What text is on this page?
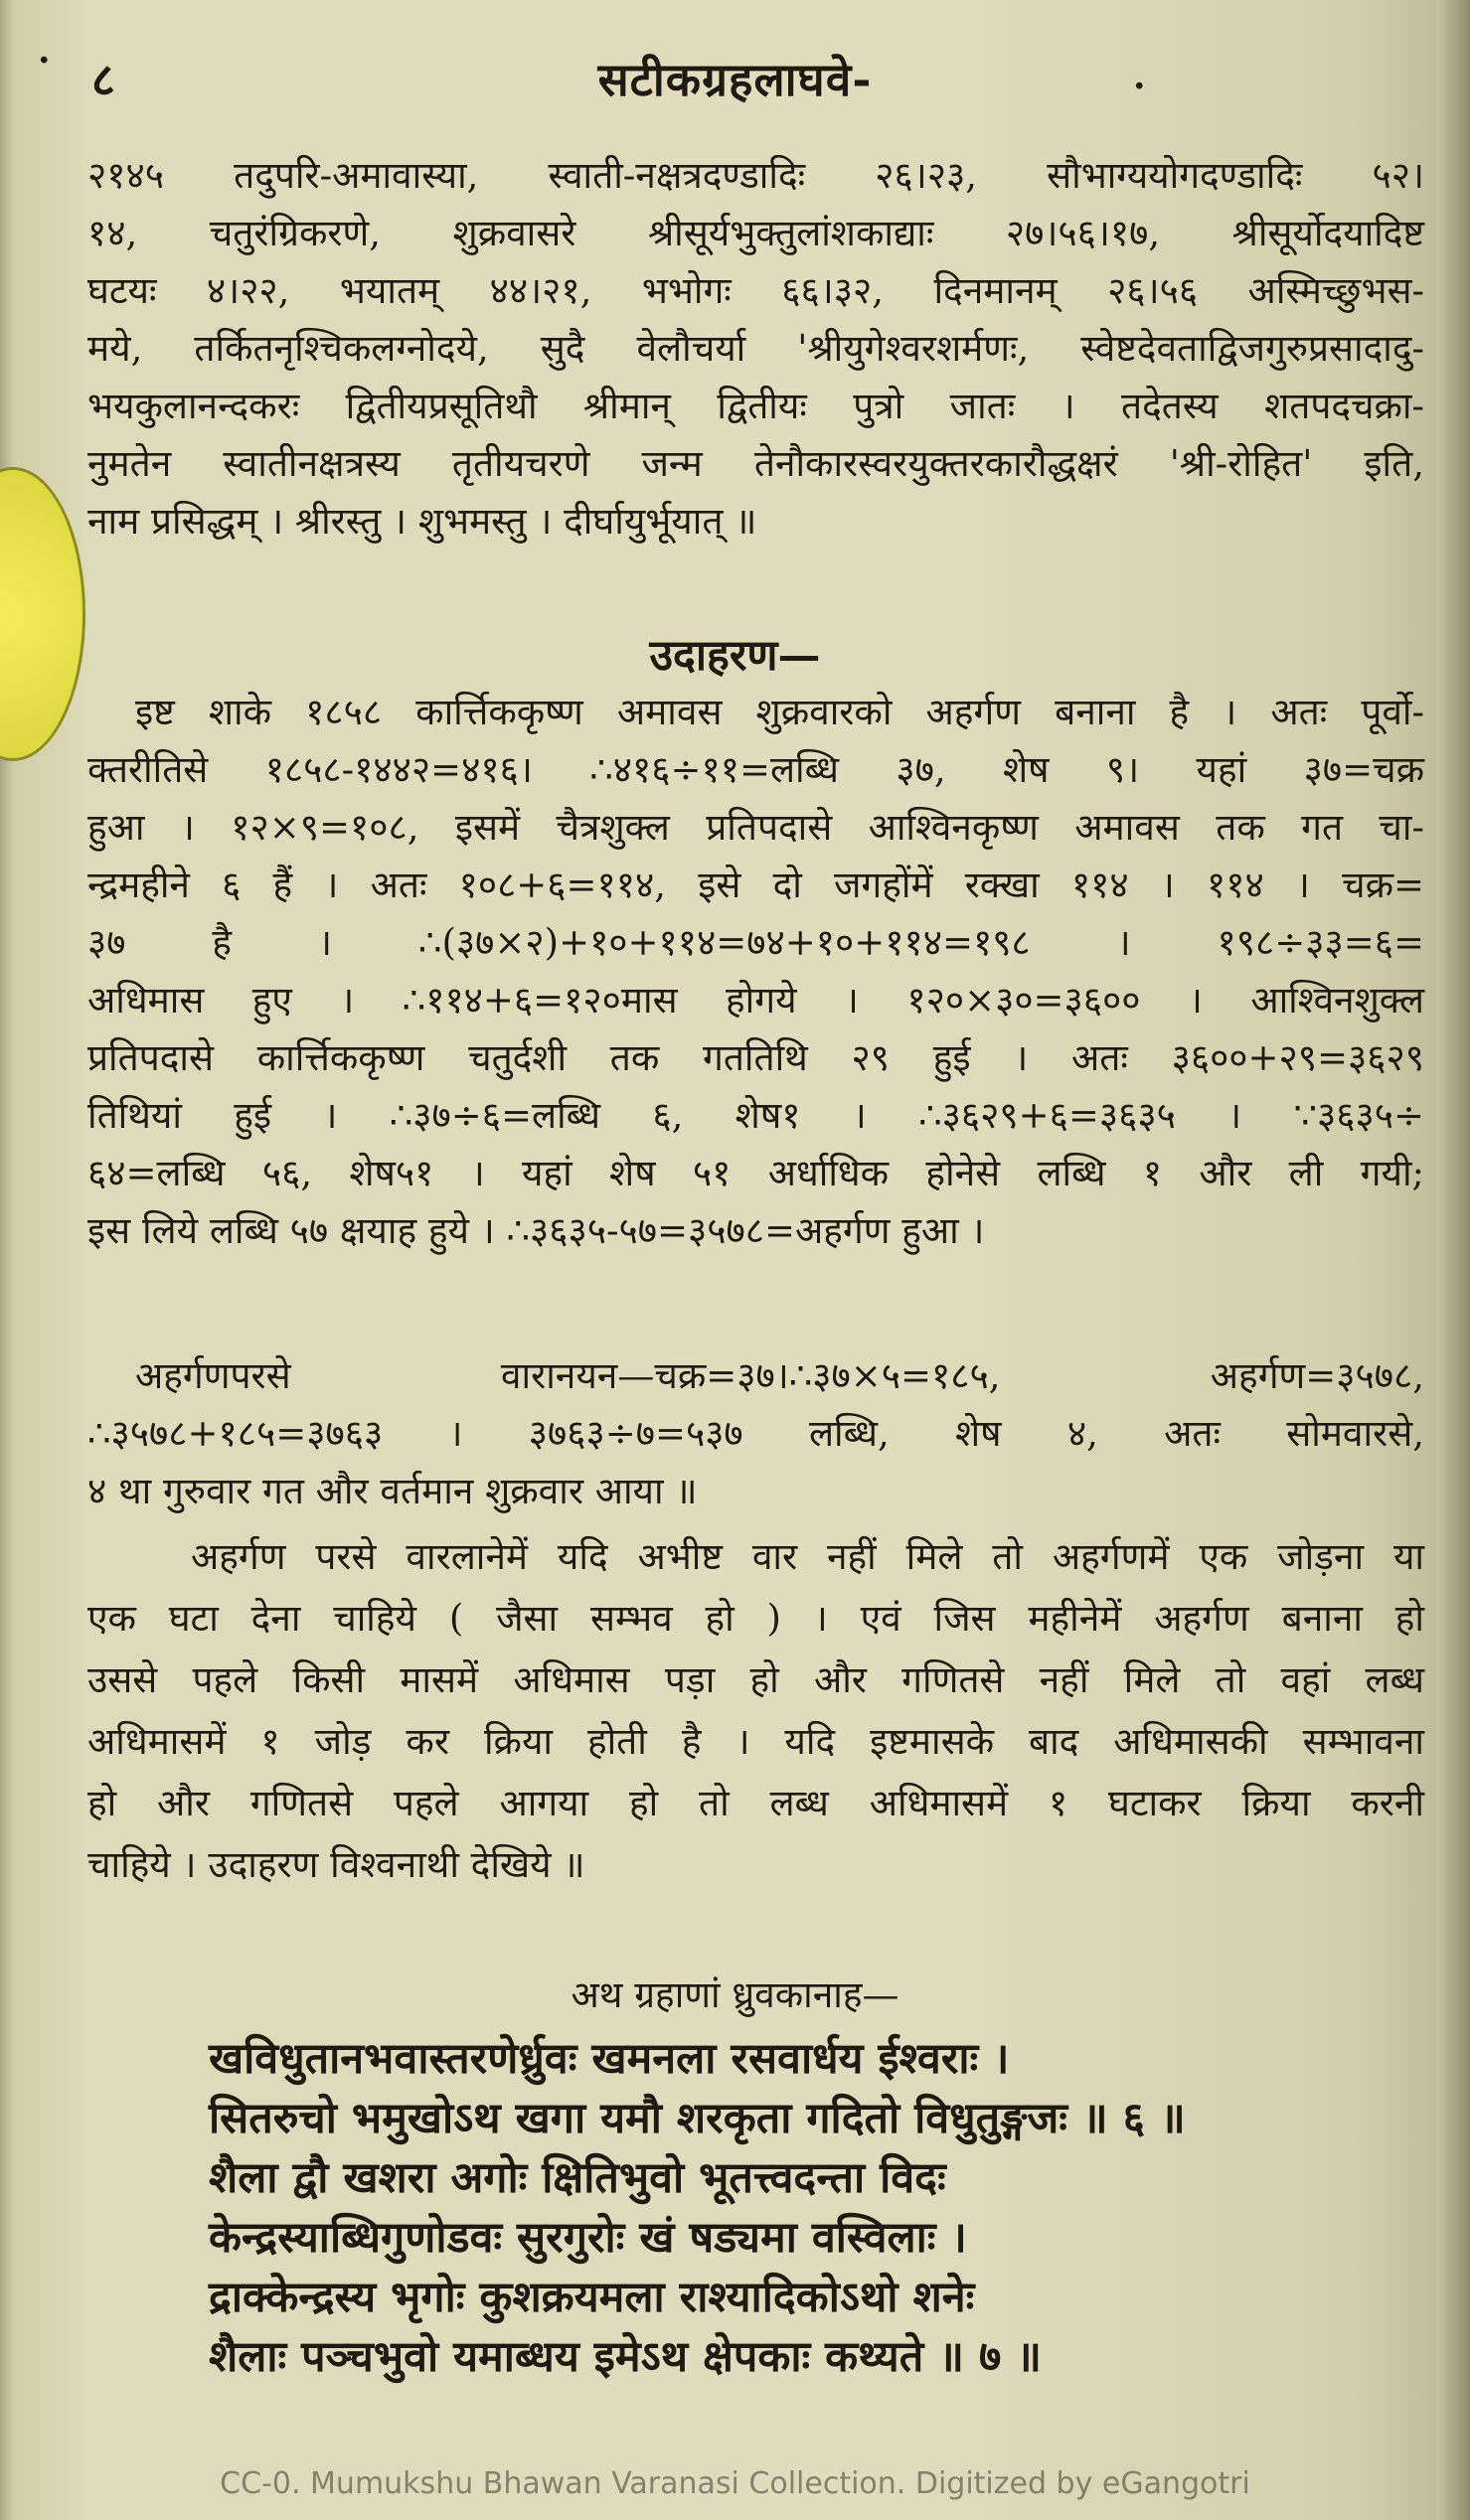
· ८	सटीकग्रहलाघवे-	·
२१४५ तदुपरि-अमावास्या, स्वाती-नक्षत्रदण्डादिः २६।२३, सौभाग्ययोगदण्डादिः ५२।
१४, चतुरंग्रिकरणे, शुक्रवासरे श्रीसूर्यभुक्तुलांशकाद्याः २७।५६।१७, श्रीसूर्योदयादिष्ट
घटयः ४।२२, भयातम् ४४।२१, भभोगः ६६।३२, दिनमानम् २६।५६ अस्मिच्छुभस-
मये, तर्कितनृश्चिकलग्नोदये, सुदै वेलौचर्या 'श्रीयुगेश्वरशर्मणः, स्वेष्टदेवताद्विजगुरुप्रसादादु-
भयकुलानन्दकरः द्वितीयप्रसूतिथौ श्रीमान् द्वितीयः पुत्रो जातः । तदेतस्य शतपदचक्रा-
नुमतेन स्वातीनक्षत्रस्य तृतीयचरणे जन्म तेनौकारस्वरयुक्तरकारौद्धक्षरं 'श्री-रोहित' इति,
नाम प्रसिद्धम् । श्रीरस्तु । शुभमस्तु । दीर्घायुर्भूयात् ॥
उदाहरण—
इष्ट शाके १८५८ कार्त्तिककृष्ण अमावस शुक्रवारको अहर्गण बनाना है । अतः पूर्वो-
क्तरीतिसे १८५८-१४४२=४१६। ∴४१६÷११=लब्धि ३७, शेष ९। यहां ३७=चक्र
हुआ । १२×९=१०८, इसमें चैत्रशुक्ल प्रतिपदासे आश्विनकृष्ण अमावस तक गत चा-
न्द्रमहीने ६ हैं । अतः १०८+६=११४, इसे दो जगहोंमें रक्खा ११४ । ११४ । चक्र=
३७ है । ∴(३७×२)+१०+११४=७४+१०+११४=१९८ । १९८÷३३=६=
अधिमास हुए । ∴११४+६=१२०मास होगये । १२०×३०=३६०० । आश्विनशुक्ल
प्रतिपदासे कार्त्तिककृष्ण चतुर्दशी तक गततिथि २९ हुई । अतः ३६००+२९=३६२९
तिथियां हुई । ∴३७÷६=लब्धि ६, शेष१ । ∴३६२९+६=३६३५ । ∵३६३५÷
६४=लब्धि ५६, शेष५१ । यहां शेष ५१ अर्धाधिक होनेसे लब्धि १ और ली गयी;
इस लिये लब्धि ५७ क्षयाह हुये । ∴३६३५-५७=३५७८=अहर्गण हुआ ।
अहर्गणपरसे वारानयन—चक्र=३७।∴३७×५=१८५, अहर्गण=३५७८,
∴३५७८+१८५=३७६३ । ३७६३÷७=५३७ लब्धि, शेष ४, अतः सोमवारसे,
४ था गुरुवार गत और वर्तमान शुक्रवार आया ॥
अहर्गण परसे वारलानेमें यदि अभीष्ट वार नहीं मिले तो अहर्गणमें एक जोड़ना या
एक घटा देना चाहिये ( जैसा सम्भव हो ) । एवं जिस महीनेमें अहर्गण बनाना हो
उससे पहले किसी मासमें अधिमास पड़ा हो और गणितसे नहीं मिले तो वहां लब्ध
अधिमासमें १ जोड़ कर क्रिया होती है । यदि इष्टमासके बाद अधिमासकी सम्भावना
हो और गणितसे पहले आगया हो तो लब्ध अधिमासमें १ घटाकर क्रिया करनी
चाहिये । उदाहरण विश्वनाथी देखिये ॥
अथ ग्रहाणां ध्रुवकानाह—
खविधुतानभवास्तरणेर्ध्रुवः खमनला रसवार्धय ईश्वराः ।
सितरुचो भमुखोऽथ खगा यमौ शरकृता गदितो विधुतुङ्गजः ॥ ६ ॥
शैला द्वौ खशरा अगोः क्षितिभुवो भूतत्त्वदन्ता विदः
केन्द्रस्याब्धिगुणोडवः सुरगुरोः खं षड्यमा वस्विलाः ।
द्राक्केन्द्रस्य भृगोः कुशक्रयमला राश्यादिकोऽथो शनेः
शैलाः पञ्चभुवो यमाब्धय इमेऽथ क्षेपकाः कथ्यते ॥ ७ ॥
CC-0. Mumukshu Bhawan Varanasi Collection. Digitized by eGangotri
